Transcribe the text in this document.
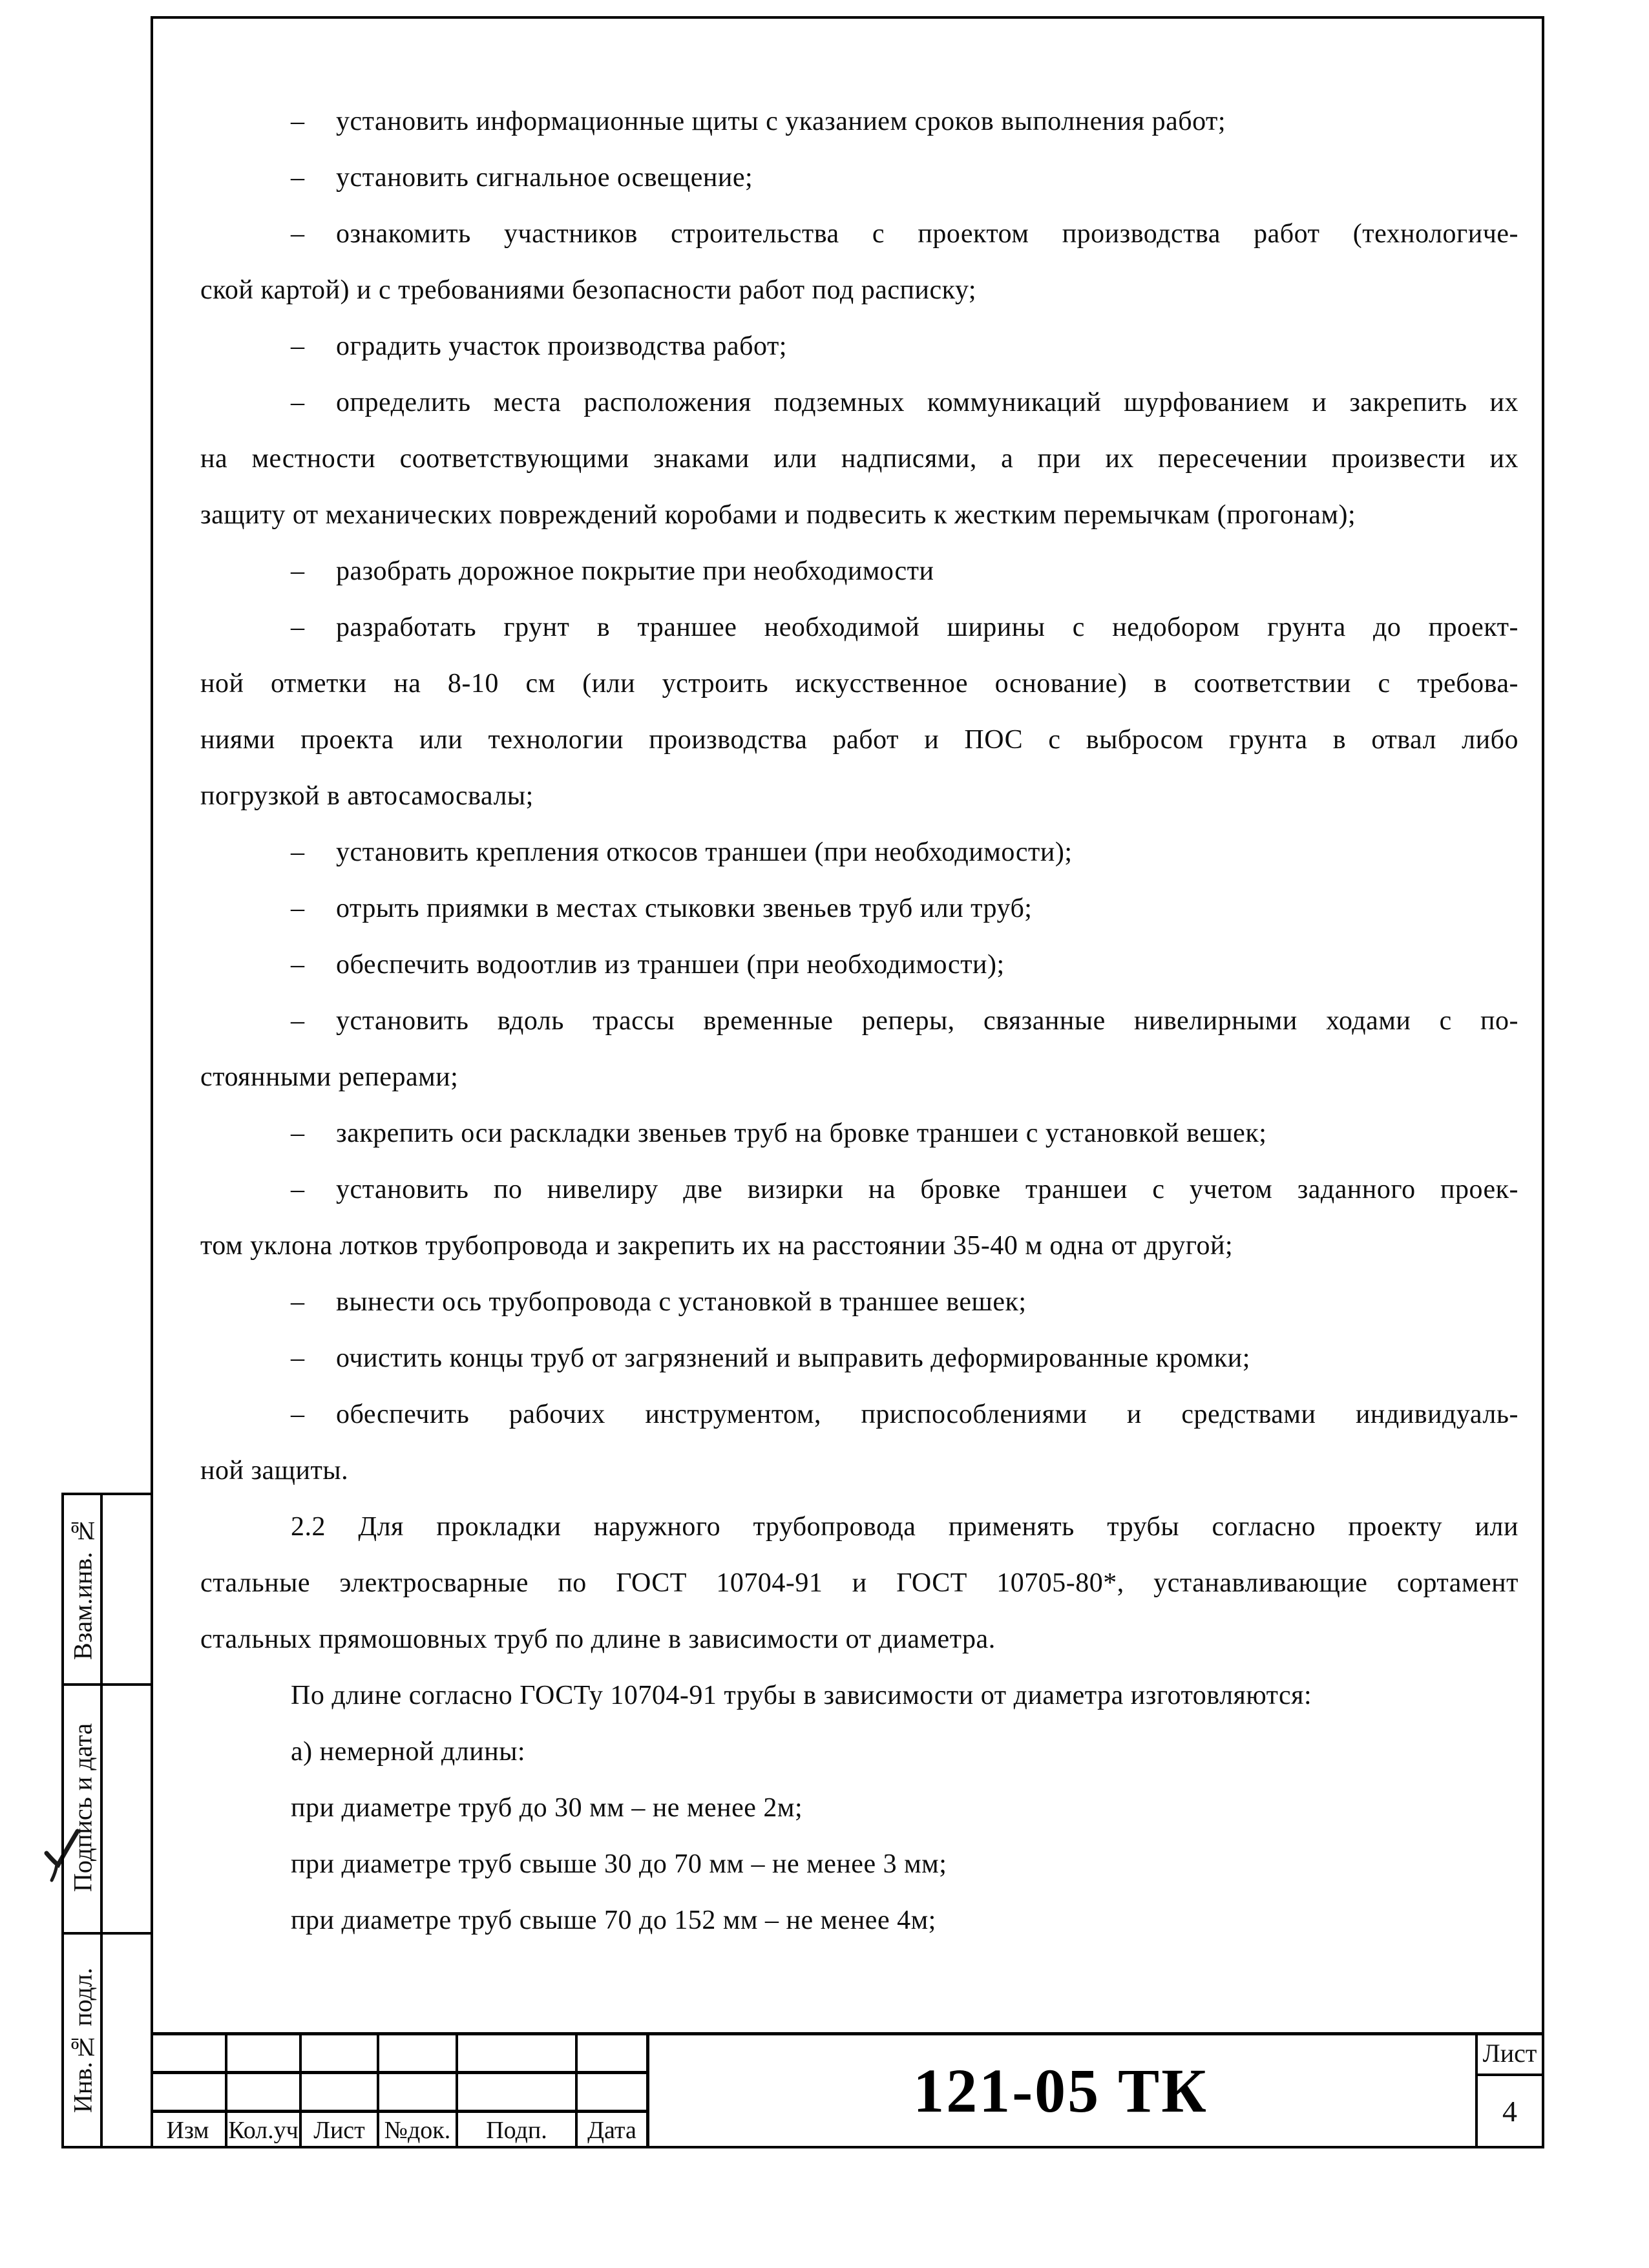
– установить информационные щиты с указанием сроков выполнения работ;
– установить сигнальное освещение;
– ознакомить участников строительства с проектом производства работ (технологиче-
ской картой) и с требованиями безопасности работ под расписку;
– оградить участок производства работ;
– определить места расположения подземных коммуникаций шурфованием и закрепить их
на местности соответствующими знаками или надписями, а при их пересечении произвести их
защиту от механических повреждений коробами и подвесить к жестким перемычкам (прогонам);
– разобрать дорожное покрытие при необходимости
– разработать грунт в траншее необходимой ширины с недобором грунта до проект-
ной отметки на 8-10 см (или устроить искусственное основание) в соответствии с требова-
ниями проекта или технологии производства работ и ПОС с выбросом грунта в отвал либо
погрузкой в автосамосвалы;
– установить крепления откосов траншеи (при необходимости);
– отрыть приямки в местах стыковки звеньев труб или труб;
– обеспечить водоотлив из траншеи (при необходимости);
– установить вдоль трассы временные реперы, связанные нивелирными ходами с по-
стоянными реперами;
– закрепить оси раскладки звеньев труб на бровке траншеи с установкой вешек;
– установить по нивелиру две визирки на бровке траншеи с учетом заданного проек-
том уклона лотков трубопровода и закрепить их на расстоянии 35-40 м одна от другой;
– вынести ось трубопровода с установкой в траншее вешек;
– очистить концы труб от загрязнений и выправить деформированные кромки;
– обеспечить рабочих инструментом, приспособлениями и средствами индивидуаль-
ной защиты.
2.2 Для прокладки наружного трубопровода применять трубы согласно проекту или
стальные электросварные по ГОСТ 10704-91 и ГОСТ 10705-80*, устанавливающие сортамент
стальных прямошовных труб по длине в зависимости от диаметра.
По длине согласно ГОСТу 10704-91 трубы в зависимости от диаметра изготовляются:
а) немерной длины:
при диаметре труб до 30 мм – не менее 2м;
при диаметре труб свыше 30 до 70 мм – не менее 3 мм;
при диаметре труб свыше 70 до 152 мм – не менее 4м;
Взам.инв. №
Подпись и дата
Инв.№ подл.
Изм Кол.уч Лист №док.	Подп.	Дата
121-05 ТК
Лист
4
